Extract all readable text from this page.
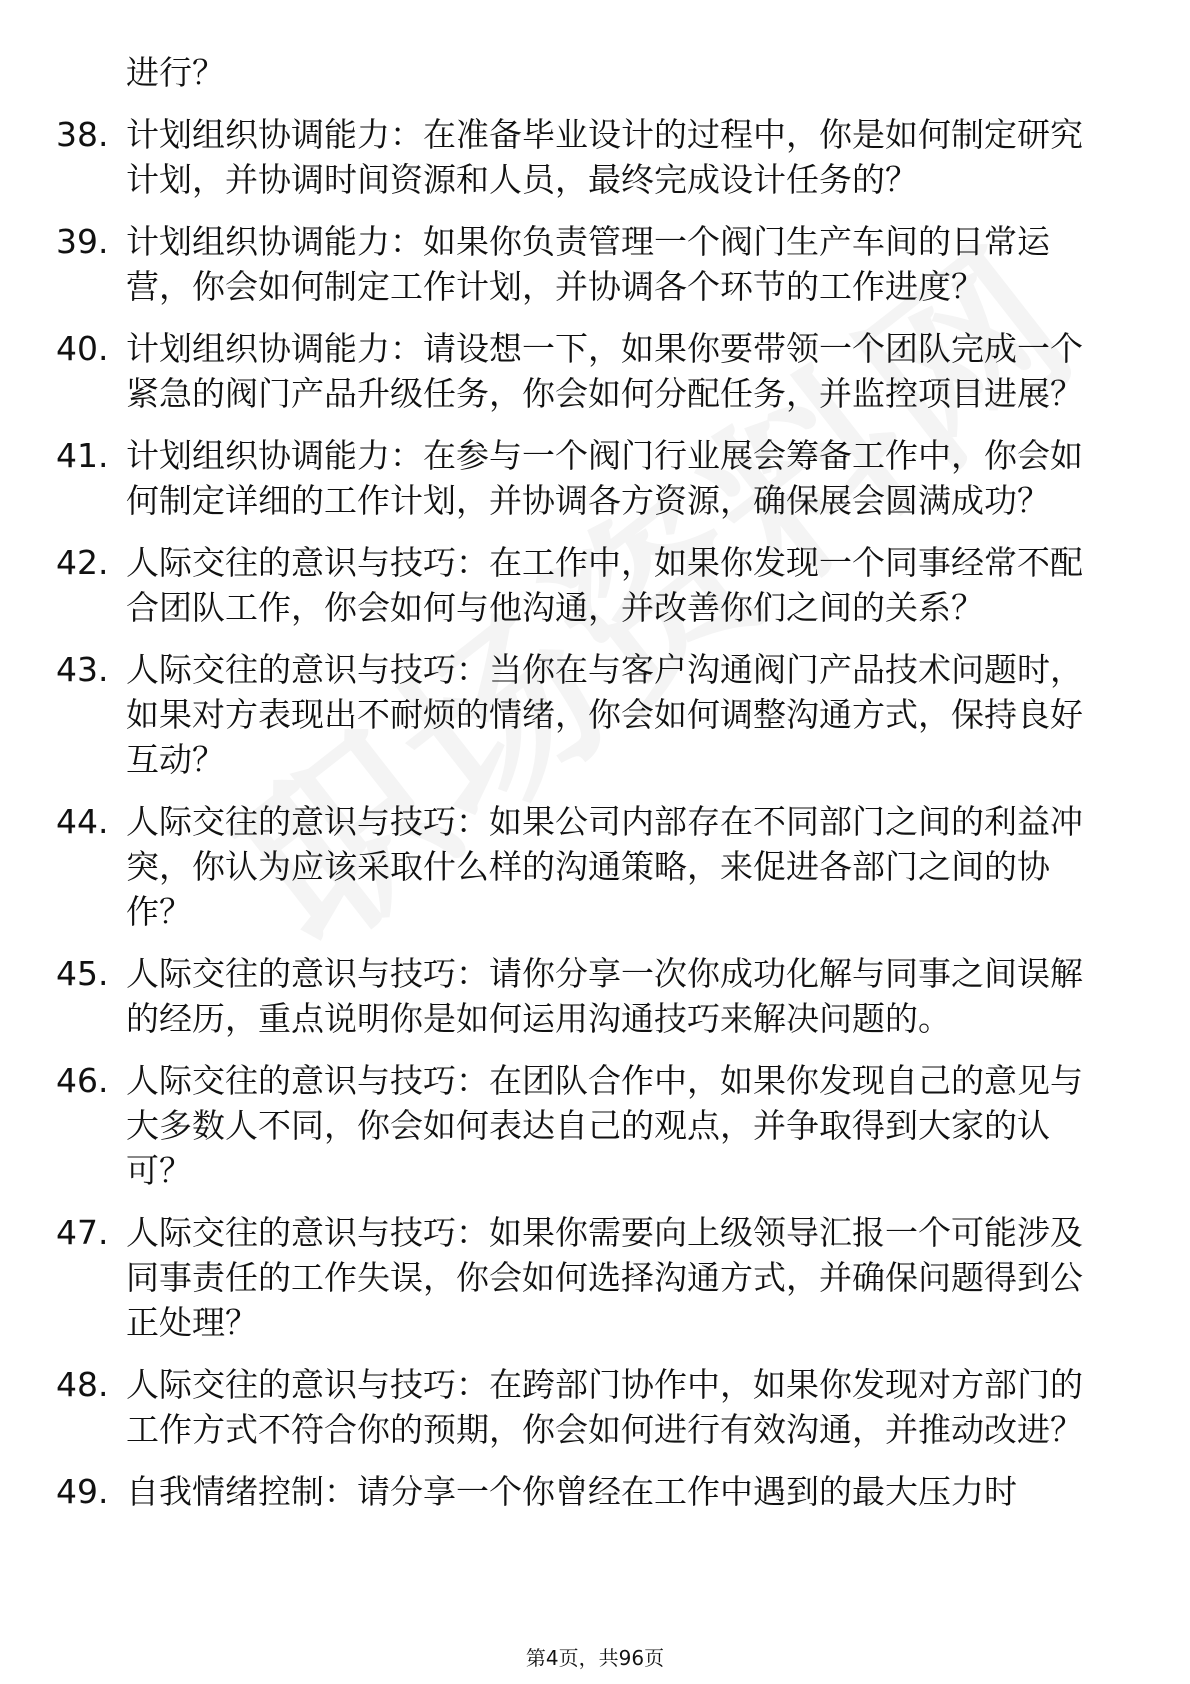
进行？
38. 计划组织协调能力：在准备毕业设计的过程中，你是如何制定研究计划，并协调时间资源和人员，最终完成设计任务的？
39. 计划组织协调能力：如果你负责管理一个阀门生产车间的日常运营，你会如何制定工作计划，并协调各个环节的工作进度？
40. 计划组织协调能力：请设想一下，如果你要带领一个团队完成一个紧急的阀门产品升级任务，你会如何分配任务，并监控项目进展？
41. 计划组织协调能力：在参与一个阀门行业展会筹备工作中，你会如何制定详细的工作计划，并协调各方资源，确保展会圆满成功？
42. 人际交往的意识与技巧：在工作中，如果你发现一个同事经常不配合团队工作，你会如何与他沟通，并改善你们之间的关系？
43. 人际交往的意识与技巧：当你在与客户沟通阀门产品技术问题时，如果对方表现出不耐烦的情绪，你会如何调整沟通方式，保持良好互动？
44. 人际交往的意识与技巧：如果公司内部存在不同部门之间的利益冲突，你认为应该采取什么样的沟通策略，来促进各部门之间的协作？
45. 人际交往的意识与技巧：请你分享一次你成功化解与同事之间误解的经历，重点说明你是如何运用沟通技巧来解决问题的。
46. 人际交往的意识与技巧：在团队合作中，如果你发现自己的意见与大多数人不同，你会如何表达自己的观点，并争取得到大家的认可？
47. 人际交往的意识与技巧：如果你需要向上级领导汇报一个可能涉及同事责任的工作失误，你会如何选择沟通方式，并确保问题得到公正处理？
48. 人际交往的意识与技巧：在跨部门协作中，如果你发现对方部门的工作方式不符合你的预期，你会如何进行有效沟通，并推动改进？
49. 自我情绪控制：请分享一个你曾经在工作中遇到的最大压力时
第4页，共96页
